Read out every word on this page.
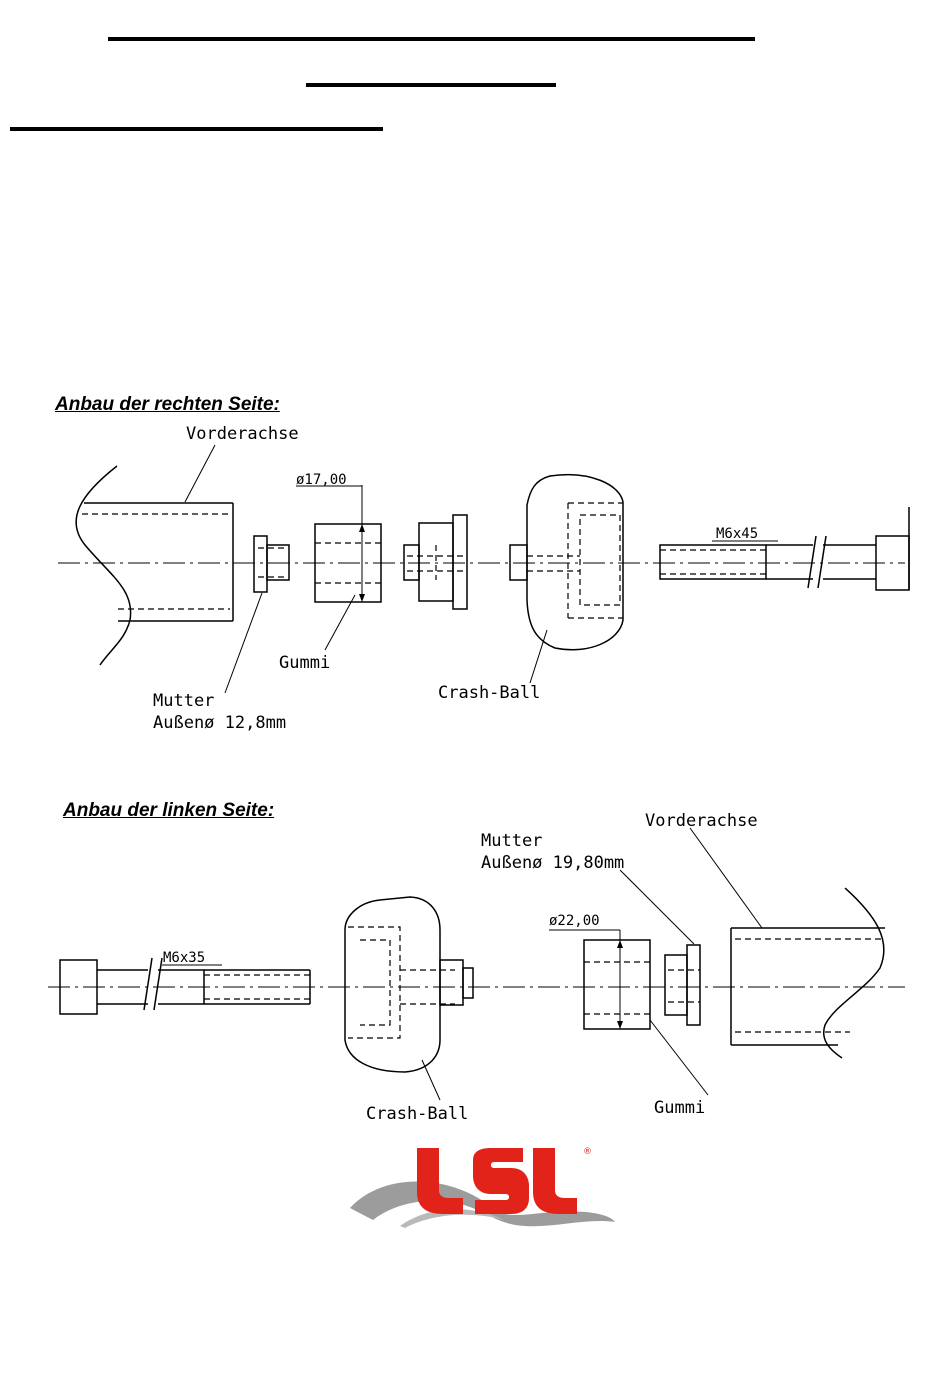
Anbau der rechten Seite:
Vorderachse
ø17,00
M6x45
Gummi
Crash-Ball
Mutter
Außenø 12,8mm
Anbau der linken Seite:	Vorderachse
Mutter
Außenø 19,80mm
ø22,00
M6x35
Crash-Ball	Gummi
®
